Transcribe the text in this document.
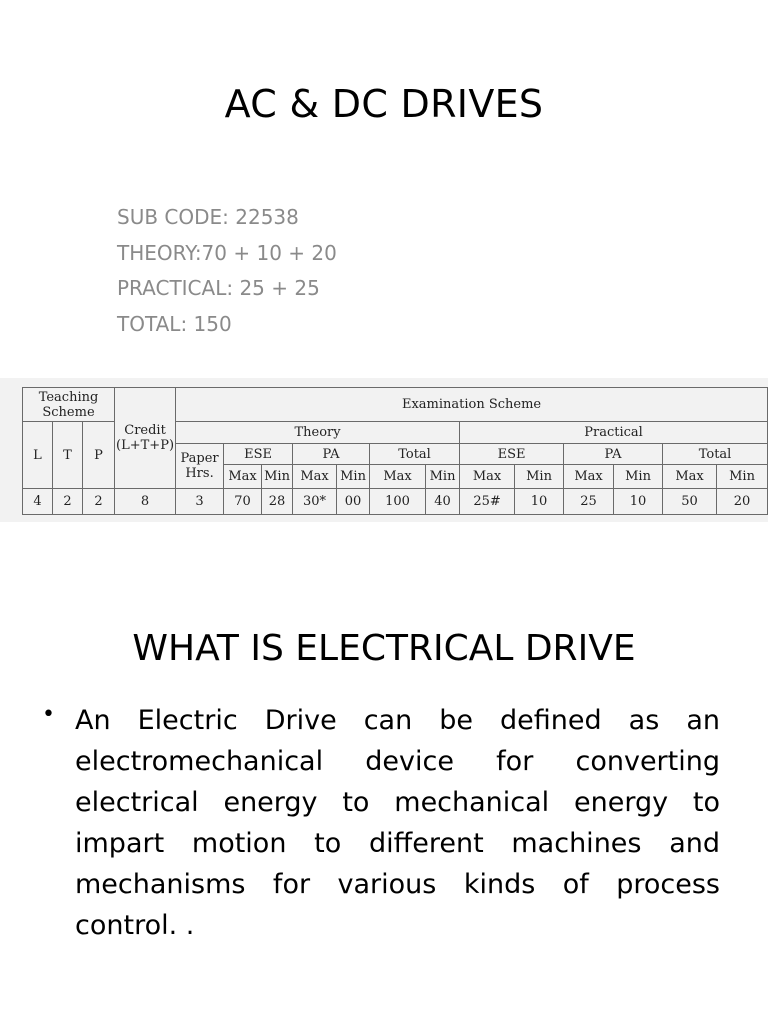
AC & DC DRIVES
SUB CODE: 22538
THEORY:70 + 10 + 20
PRACTICAL: 25 + 25
TOTAL: 150
Teaching Scheme			Credit (L+T+P)	Examination Scheme												
L	T	P		Theory							Practical					
				Paper Hrs.	ESE		PA		Total		ESE		PA		Total	
					Max	Min	Max	Min	Max	Min	Max	Min	Max	Min	Max	Min
4	2	2	8	3	70	28	30*	00	100	40	25#	10	25	10	50	20
WHAT IS ELECTRICAL DRIVE
• An Electric Drive can be defined as an electromechanical device for converting electrical energy to mechanical energy to impart motion to different machines and mechanisms for various kinds of process control. .
